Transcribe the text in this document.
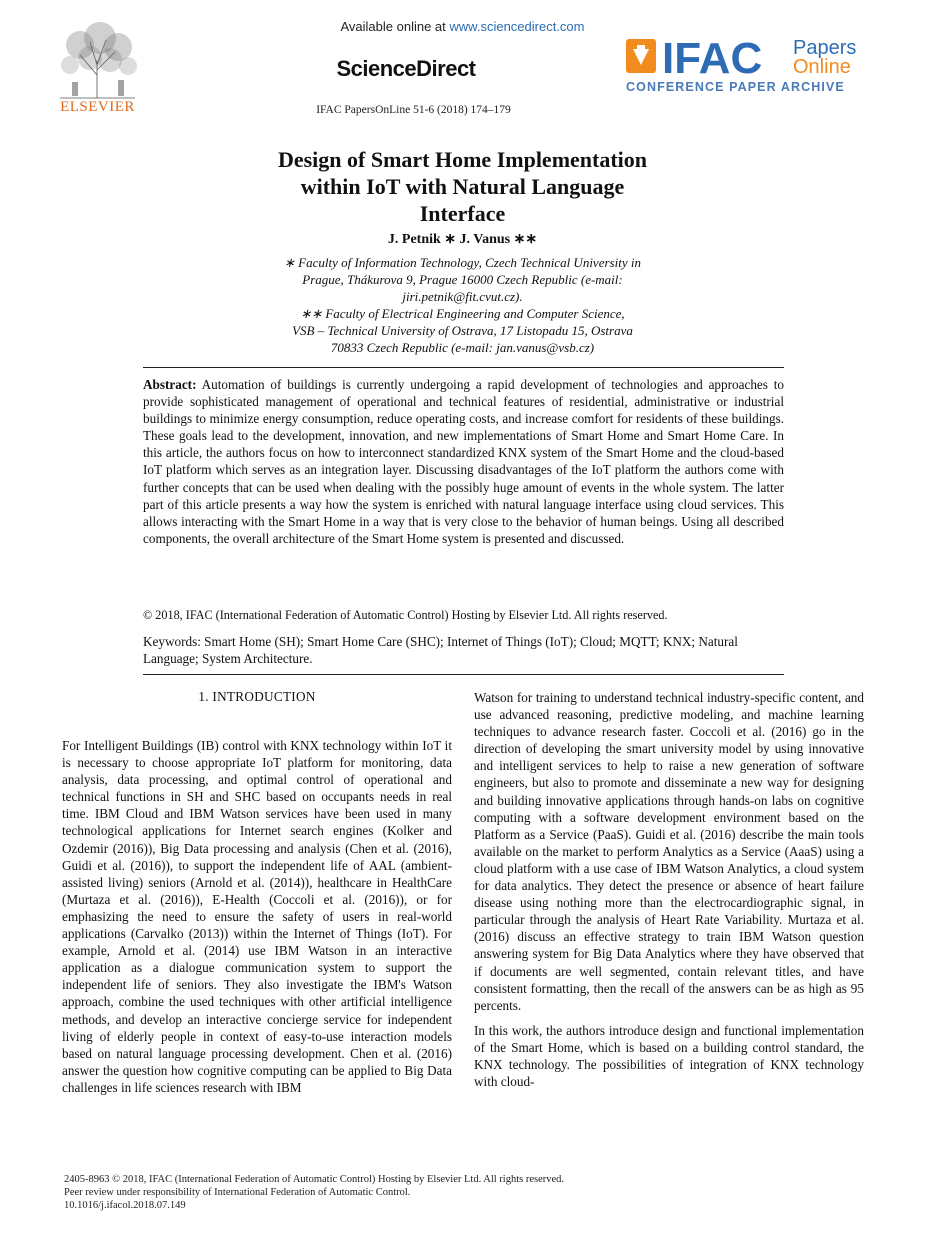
ELSEVIER
Available online at www.sciencedirect.com
ScienceDirect
IFAC PapersOnLine 51-6 (2018) 174–179
IFAC Papers
Online
CONFERENCE PAPER ARCHIVE
Design of Smart Home Implementation
within IoT with Natural Language
Interface
J. Petnik ∗ J. Vanus ∗∗
∗ Faculty of Information Technology, Czech Technical University in
Prague, Thákurova 9, Prague 16000 Czech Republic (e-mail:
jiri.petnik@fit.cvut.cz).
∗∗ Faculty of Electrical Engineering and Computer Science,
VSB – Technical University of Ostrava, 17 Listopadu 15, Ostrava
70833 Czech Republic (e-mail: jan.vanus@vsb.cz)
Abstract: Automation of buildings is currently undergoing a rapid development of technologies and approaches to provide sophisticated management of operational and technical features of residential, administrative or industrial buildings to minimize energy consumption, reduce operating costs, and increase comfort for residents of these buildings. These goals lead to the development, innovation, and new implementations of Smart Home and Smart Home Care. In this article, the authors focus on how to interconnect standardized KNX system of the Smart Home and the cloud-based IoT platform which serves as an integration layer. Discussing disadvantages of the IoT platform the authors come with further concepts that can be used when dealing with the possibly huge amount of events in the whole system. The latter part of this article presents a way how the system is enriched with natural language interface using cloud services. This allows interacting with the Smart Home in a way that is very close to the behavior of human beings. Using all described components, the overall architecture of the Smart Home system is presented and discussed.
© 2018, IFAC (International Federation of Automatic Control) Hosting by Elsevier Ltd. All rights reserved.
Keywords: Smart Home (SH); Smart Home Care (SHC); Internet of Things (IoT); Cloud; MQTT; KNX; Natural Language; System Architecture.
1. INTRODUCTION

For Intelligent Buildings (IB) control with KNX technology within IoT it is necessary to choose appropriate IoT platform for monitoring, data analysis, data processing, and optimal control of operational and technical functions in SH and SHC based on occupants needs in real time. IBM Cloud and IBM Watson services have been used in many technological applications for Internet search engines (Kolker and Ozdemir (2016)), Big Data processing and analysis (Chen et al. (2016), Guidi et al. (2016)), to support the independent life of AAL (ambient-assisted living) seniors (Arnold et al. (2014)), healthcare in HealthCare (Murtaza et al. (2016)), E-Health (Coccoli et al. (2016)), or for emphasizing the need to ensure the safety of users in real-world applications (Carvalko (2013)) within the Internet of Things (IoT). For example, Arnold et al. (2014) use IBM Watson in an interactive application as a dialogue communication system to support the independent life of seniors. They also investigate the IBM's Watson approach, combine the used techniques with other artificial intelligence methods, and develop an interactive concierge service for independent living of elderly people in context of easy-to-use interaction models based on natural language processing development. Chen et al. (2016) answer the question how cognitive computing can be applied to Big Data challenges in life sciences research with IBM

Watson for training to understand technical industry-specific content, and use advanced reasoning, predictive modeling, and machine learning techniques to advance research faster. Coccoli et al. (2016) go in the direction of developing the smart university model by using innovative and intelligent services to help to raise a new generation of software engineers, but also to promote and disseminate a new way for designing and building innovative applications through hands-on labs on cognitive computing with a software development environment based on the Platform as a Service (PaaS). Guidi et al. (2016) describe the main tools available on the market to perform Analytics as a Service (AaaS) using a cloud platform with a use case of IBM Watson Analytics, a cloud system for data analytics. They detect the presence or absence of heart failure disease using nothing more than the electrocardiographic signal, in particular through the analysis of Heart Rate Variability. Murtaza et al. (2016) discuss an effective strategy to train IBM Watson question answering system for Big Data Analytics where they have observed that if documents are well segmented, contain relevant titles, and have consistent formatting, then the recall of the answers can be as high as 95 percents.

In this work, the authors introduce design and functional implementation of the Smart Home, which is based on a building control standard, the KNX technology. The possibilities of integration of KNX technology with cloud-

2405-8963 © 2018, IFAC (International Federation of Automatic Control) Hosting by Elsevier Ltd. All rights reserved.
Peer review under responsibility of International Federation of Automatic Control.
10.1016/j.ifacol.2018.07.149
